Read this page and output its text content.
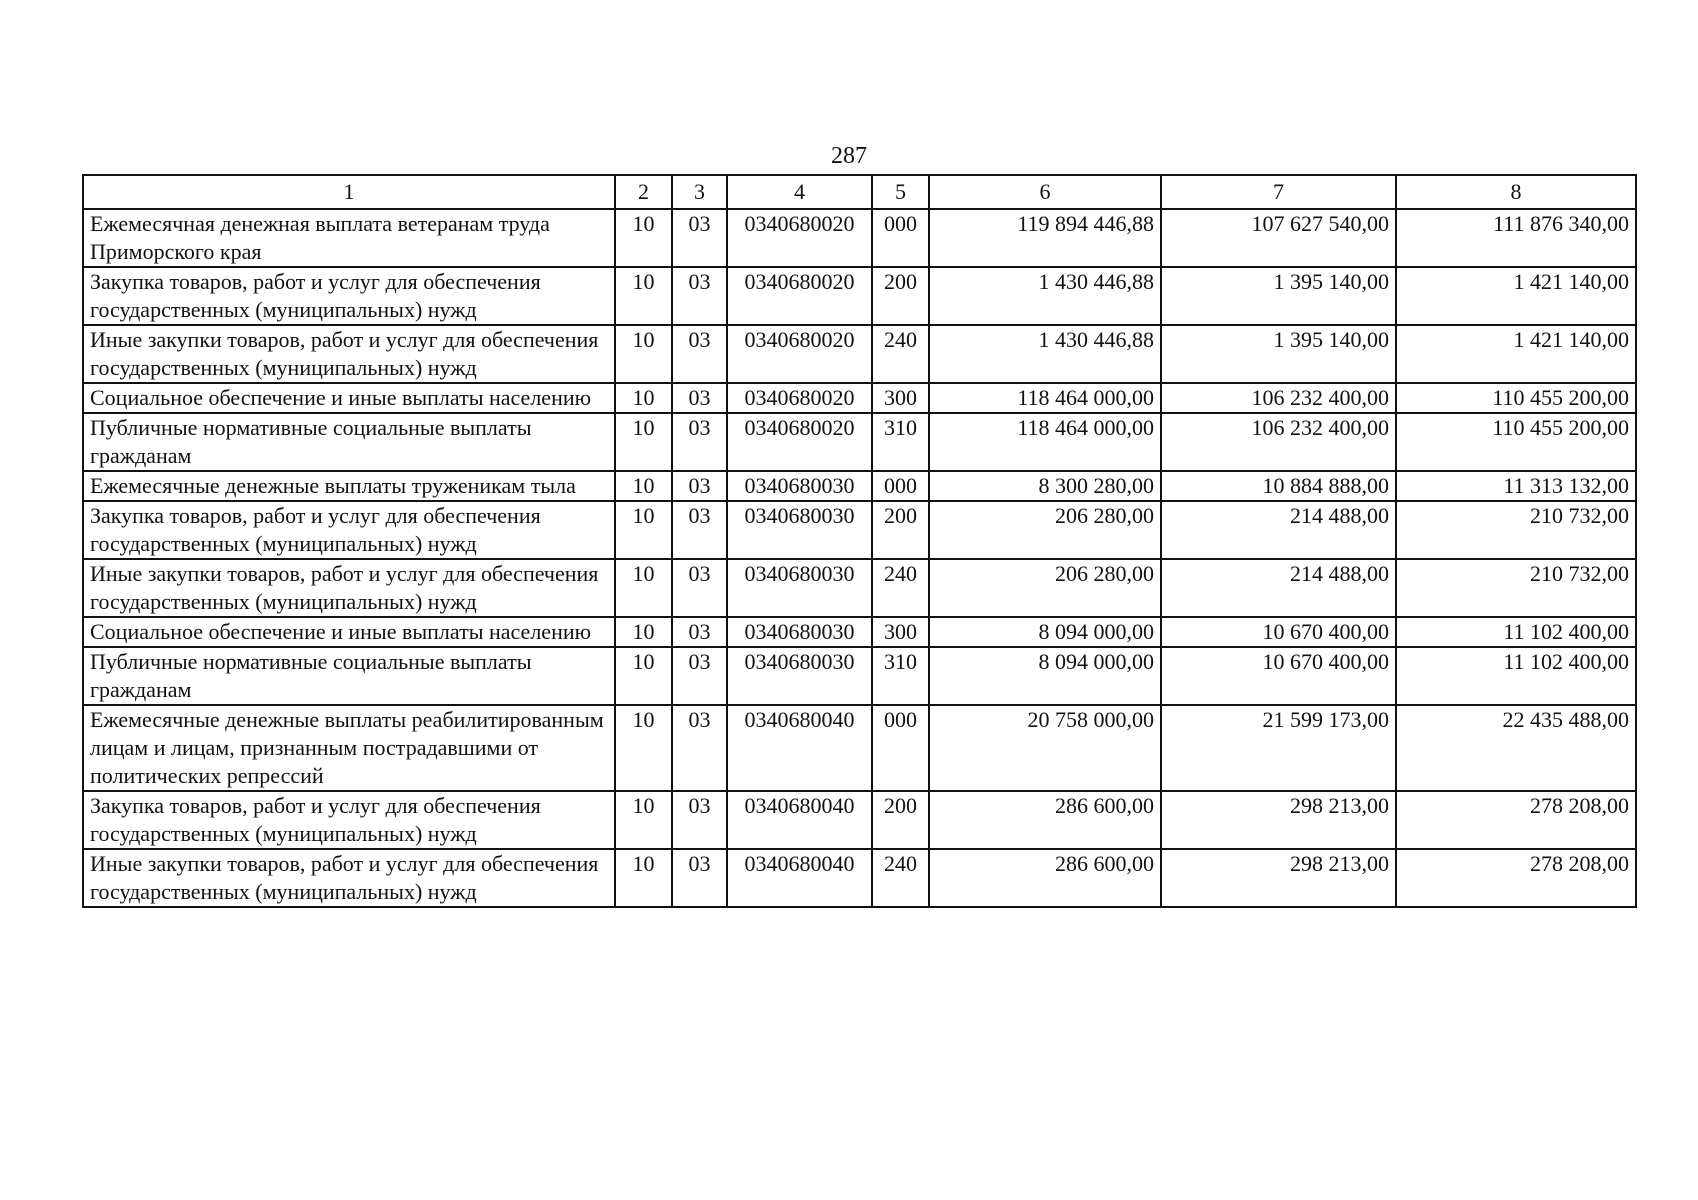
287
1	2	3	4	5	6	7	8
Ежемесячная денежная выплата ветеранам труда Приморского края	10	03	0340680020	000	119 894 446,88	107 627 540,00	111 876 340,00
Закупка товаров, работ и услуг для обеспечения государственных (муниципальных) нужд	10	03	0340680020	200	1 430 446,88	1 395 140,00	1 421 140,00
Иные закупки товаров, работ и услуг для обеспечения государственных (муниципальных) нужд	10	03	0340680020	240	1 430 446,88	1 395 140,00	1 421 140,00
Социальное обеспечение и иные выплаты населению	10	03	0340680020	300	118 464 000,00	106 232 400,00	110 455 200,00
Публичные нормативные социальные выплаты гражданам	10	03	0340680020	310	118 464 000,00	106 232 400,00	110 455 200,00
Ежемесячные денежные выплаты труженикам тыла	10	03	0340680030	000	8 300 280,00	10 884 888,00	11 313 132,00
Закупка товаров, работ и услуг для обеспечения государственных (муниципальных) нужд	10	03	0340680030	200	206 280,00	214 488,00	210 732,00
Иные закупки товаров, работ и услуг для обеспечения государственных (муниципальных) нужд	10	03	0340680030	240	206 280,00	214 488,00	210 732,00
Социальное обеспечение и иные выплаты населению	10	03	0340680030	300	8 094 000,00	10 670 400,00	11 102 400,00
Публичные нормативные социальные выплаты гражданам	10	03	0340680030	310	8 094 000,00	10 670 400,00	11 102 400,00
Ежемесячные денежные выплаты реабилитированным лицам и лицам, признанным пострадавшими от политических репрессий	10	03	0340680040	000	20 758 000,00	21 599 173,00	22 435 488,00
Закупка товаров, работ и услуг для обеспечения государственных (муниципальных) нужд	10	03	0340680040	200	286 600,00	298 213,00	278 208,00
Иные закупки товаров, работ и услуг для обеспечения государственных (муниципальных) нужд	10	03	0340680040	240	286 600,00	298 213,00	278 208,00
